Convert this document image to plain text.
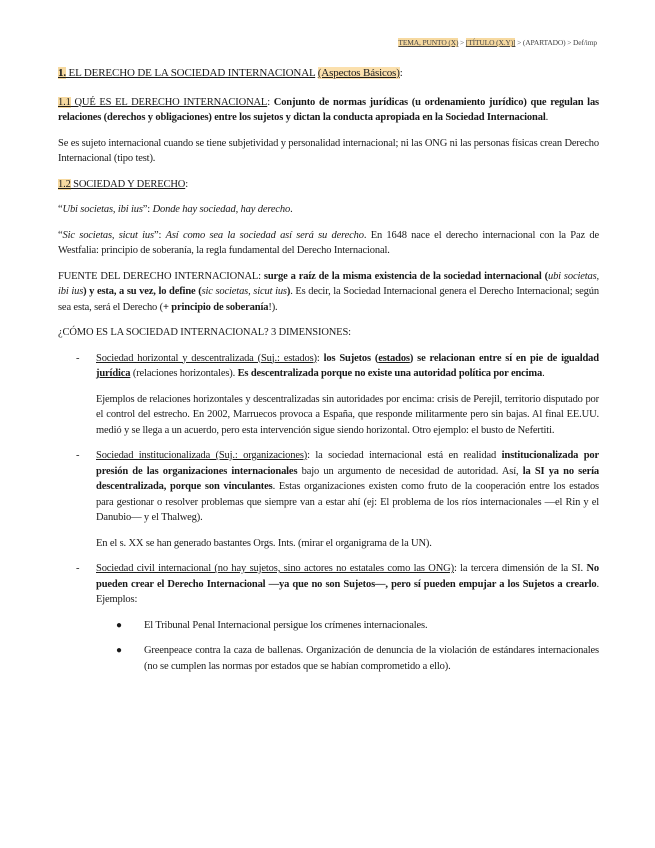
TEMA, PUNTO (X) > [TÍTULO (X.Y)] > (APARTADO) > Def/imp

1. EL DERECHO DE LA SOCIEDAD INTERNACIONAL (Aspectos Básicos):

1.1 QUÉ ES EL DERECHO INTERNACIONAL: Conjunto de normas jurídicas (u ordenamiento jurídico) que regulan las relaciones (derechos y obligaciones) entre los sujetos y dictan la conducta apropiada en la Sociedad Internacional.

Se es sujeto internacional cuando se tiene subjetividad y personalidad internacional; ni las ONG ni las personas físicas crean Derecho Internacional (tipo test).

1.2 SOCIEDAD Y DERECHO:

“Ubi societas, ibi ius”: Donde hay sociedad, hay derecho.

“Sic societas, sicut ius”: Así como sea la sociedad así será su derecho. En 1648 nace el derecho internacional con la Paz de Westfalia: principio de soberanía, la regla fundamental del Derecho Internacional.

FUENTE DEL DERECHO INTERNACIONAL: surge a raíz de la misma existencia de la sociedad internacional (ubi societas, ibi ius) y esta, a su vez, lo define (sic societas, sicut ius). Es decir, la Sociedad Internacional genera el Derecho Internacional; según sea esta, será el Derecho (+ principio de soberanía!).

¿CÓMO ES LA SOCIEDAD INTERNACIONAL? 3 DIMENSIONES:

- Sociedad horizontal y descentralizada (Suj.: estados): los Sujetos (estados) se relacionan entre sí en pie de igualdad jurídica (relaciones horizontales). Es descentralizada porque no existe una autoridad política por encima.

Ejemplos de relaciones horizontales y descentralizadas sin autoridades por encima: crisis de Perejil, territorio disputado por el control del estrecho. En 2002, Marruecos provoca a España, que responde militarmente pero sin bajas. Al final EE.UU. medió y se llega a un acuerdo, pero esta intervención sigue siendo horizontal. Otro ejemplo: el busto de Nefertiti.

- Sociedad institucionalizada (Suj.: organizaciones): la sociedad internacional está en realidad institucionalizada por presión de las organizaciones internacionales bajo un argumento de necesidad de autoridad. Así, la SI ya no sería descentralizada, porque son vinculantes. Estas organizaciones existen como fruto de la cooperación entre los estados para gestionar o resolver problemas que siempre van a estar ahí (ej: El problema de los ríos internacionales —el Rin y el Danubio— y el Thalweg).

En el s. XX se han generado bastantes Orgs. Ints. (mirar el organigrama de la UN).

- Sociedad civil internacional (no hay sujetos, sino actores no estatales como las ONG): la tercera dimensión de la SI. No pueden crear el Derecho Internacional —ya que no son Sujetos—, pero sí pueden empujar a los Sujetos a crearlo. Ejemplos:

● El Tribunal Penal Internacional persigue los crímenes internacionales.
● Greenpeace contra la caza de ballenas. Organización de denuncia de la violación de estándares internacionales (no se cumplen las normas por estados que se habían comprometido a ello).
